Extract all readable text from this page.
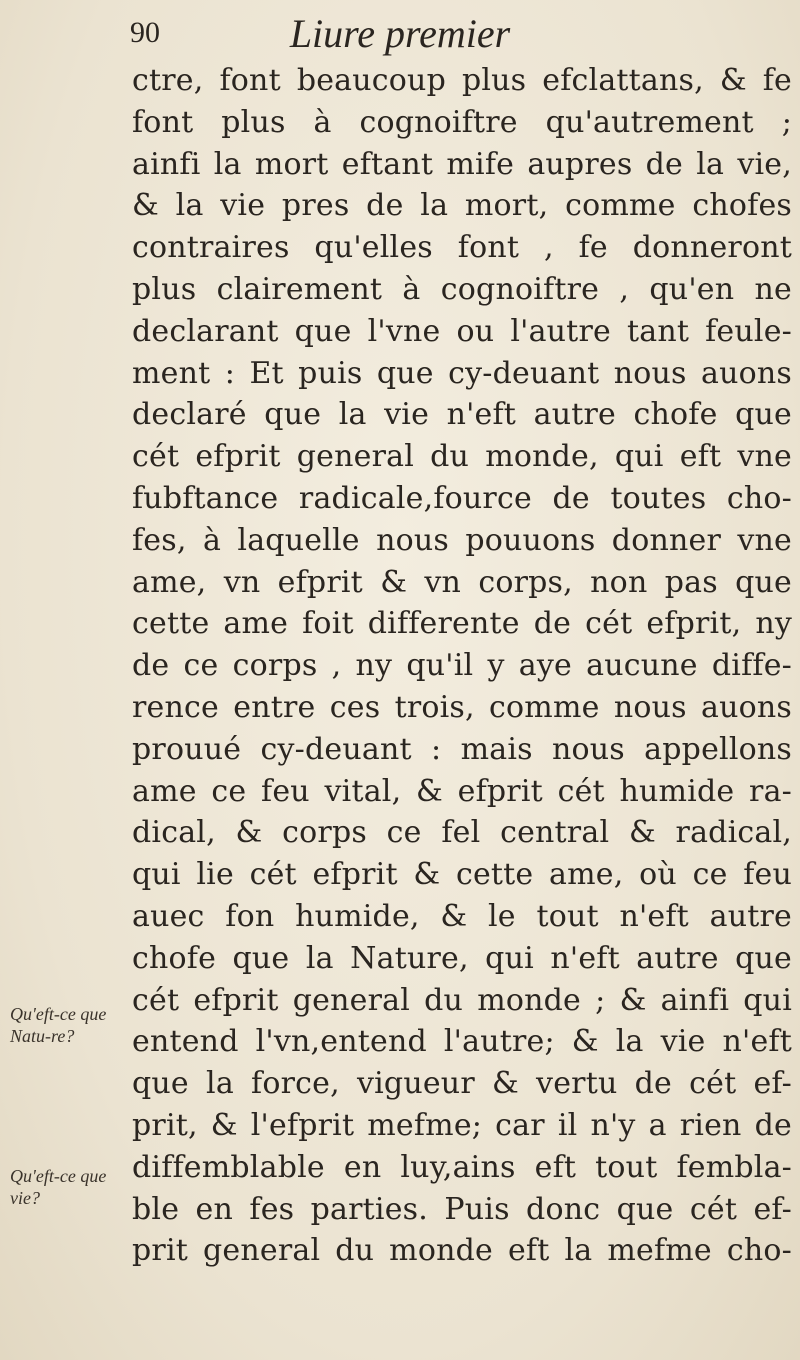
90	Liure premier
ctre, font beaucoup plus efclattans, & fe
font plus à cognoiftre qu'autrement ;
ainfi la mort eftant mife aupres de la vie,
& la vie pres de la mort, comme chofes
contraires qu'elles font , fe donneront
plus clairement à cognoiftre , qu'en ne
declarant que l'vne ou l'autre tant feule-
ment : Et puis que cy-deuant nous auons
declaré que la vie n'eft autre chofe que
cét efprit general du monde, qui eft vne
fubftance radicale,fource de toutes cho-
fes, à laquelle nous pouuons donner vne
ame, vn efprit & vn corps, non pas que
cette ame foit differente de cét efprit, ny
de ce corps , ny qu'il y aye aucune diffe-
rence entre ces trois, comme nous auons
prouué cy-deuant : mais nous appellons
ame ce feu vital, & efprit cét humide ra-
dical, & corps ce fel central & radical,
qui lie cét efprit & cette ame, où ce feu
auec fon humide, & le tout n'eft autre
chofe que la Nature, qui n'eft autre que
cét efprit general du monde ; & ainfi qui
entend l'vn,entend l'autre; & la vie n'eft
que la force, vigueur & vertu de cét ef-
prit, & l'efprit mefme; car il n'y a rien de
diffemblable en luy,ains eft tout fembla-
ble en fes parties. Puis donc que cét ef-
prit general du monde eft la mefme cho-
Qu'eft-ce que Natu-re?
Qu'eft-ce que vie?
